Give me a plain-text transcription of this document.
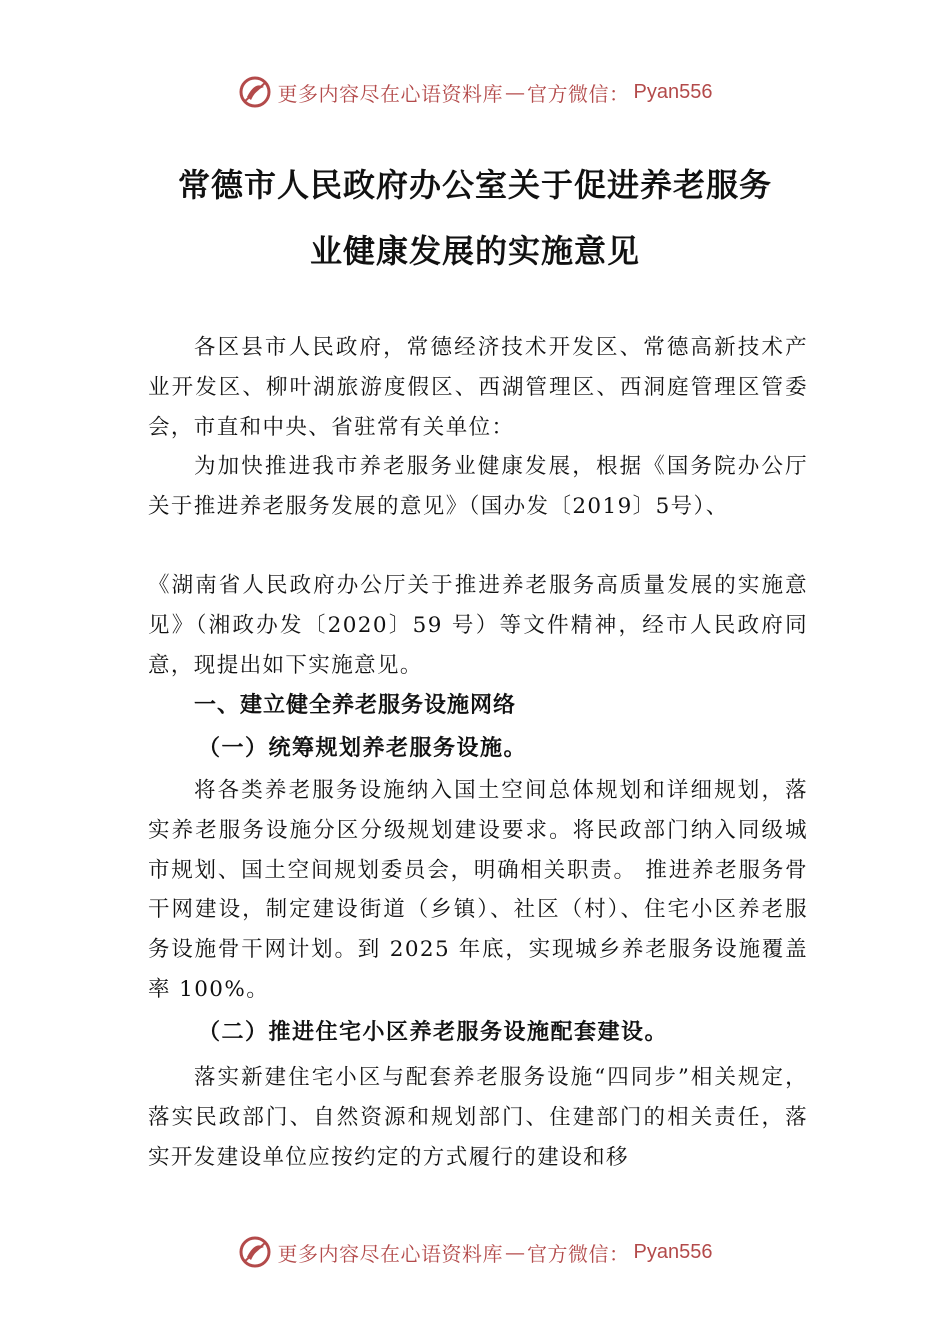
更多内容尽在心语资料库 — 官方微信： Pyan556
常德市人民政府办公室关于促进养老服务
业健康发展的实施意见

各区县市人民政府，常德经济技术开发区、常德高新技术产业开发区、柳叶湖旅游度假区、西湖管理区、西洞庭管理区管委会，市直和中央、省驻常有关单位：

为加快推进我市养老服务业健康发展，根据《国务院办公厅关于推进养老服务发展的意见》（国办发〔2019〕5号）、

《湖南省人民政府办公厅关于推进养老服务高质量发展的实施意见》（湘政办发〔2020〕59 号）等文件精神，经市人民政府同意，现提出如下实施意见。

一、建立健全养老服务设施网络

（一）统筹规划养老服务设施。

将各类养老服务设施纳入国土空间总体规划和详细规划，落实养老服务设施分区分级规划建设要求。将民政部门纳入同级城市规划、国土空间规划委员会，明确相关职责。 推进养老服务骨干网建设，制定建设街道（乡镇）、社区（村）、住宅小区养老服务设施骨干网计划。到 2025 年底，实现城乡养老服务设施覆盖率 100%。

（二）推进住宅小区养老服务设施配套建设。

落实新建住宅小区与配套养老服务设施“四同步”相关规定，落实民政部门、自然资源和规划部门、住建部门的相关责任，落实开发建设单位应按约定的方式履行的建设和移

更多内容尽在心语资料库 — 官方微信： Pyan556
